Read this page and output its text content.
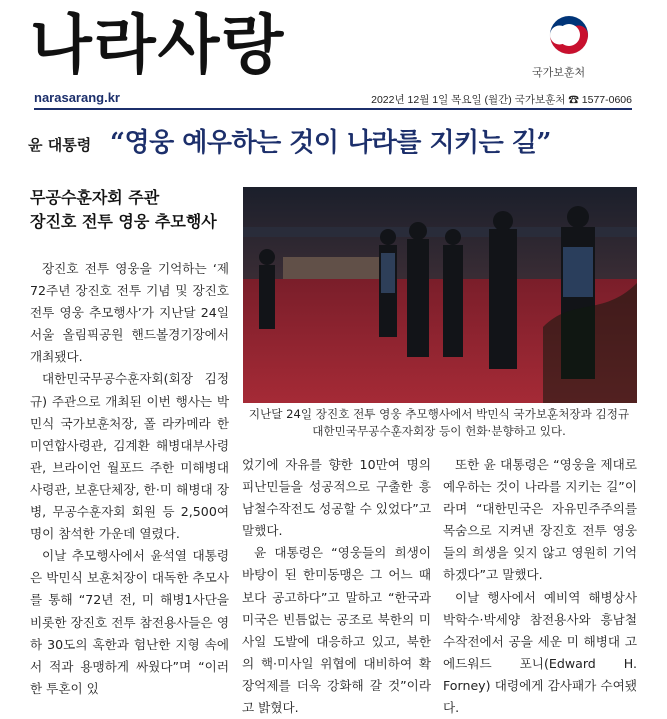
나라사랑	국가보훈처
narasarang.kr	2022년 12월 1일 목요일 (월간) 국가보훈처 ☎ 1577-0606
윤 대통령 “영웅 예우하는 것이 나라를 지키는 길”
무공수훈자회 주관
장진호 전투 영웅 추모행사

장진호 전투 영웅을 기억하는 ‘제72주년 장진호 전투 기념 및 장진호 전투 영웅 추모행사’가 지난달 24일 서울 올림픽공원 핸드볼경기장에서 개최됐다.

대한민국무공수훈자회(회장 김정규) 주관으로 개최된 이번 행사는 박민식 국가보훈처장, 폴 라카메라 한미연합사령관, 김계환 해병대부사령관, 브라이언 월포드 주한 미해병대사령관, 보훈단체장, 한·미 해병대 장병, 무공수훈자회 회원 등 2,500여 명이 참석한 가운데 열렸다.

이날 추모행사에서 윤석열 대통령은 박민식 보훈처장이 대독한 추모사를 통해 “72년 전, 미 해병1사단을 비롯한 장진호 전투 참전용사들은 영하 30도의 혹한과 험난한 지형 속에서 적과 용맹하게 싸웠다”며 “이러한 투혼이 있

지난달 24일 장진호 전투 영웅 추모행사에서 박민식 국가보훈처장과 김정규
대한민국무공수훈자회장 등이 헌화·분향하고 있다.

었기에 자유를 향한 10만여 명의 피난민들을 성공적으로 구출한 흥남철수작전도 성공할 수 있었다”고 말했다.

윤 대통령은 “영웅들의 희생이 바탕이 된 한미동맹은 그 어느 때보다 공고하다”고 말하고 “한국과 미국은 빈틈없는 공조로 북한의 미사일 도발에 대응하고 있고, 북한의 핵·미사일 위협에 대비하여 확장억제를 더욱 강화해 갈 것”이라고 밝혔다.

또한 윤 대통령은 “영웅을 제대로 예우하는 것이 나라를 지키는 길”이라며 “대한민국은 자유민주주의를 목숨으로 지켜낸 장진호 전투 영웅들의 희생을 잊지 않고 영원히 기억하겠다”고 말했다.

이날 행사에서 예비역 해병상사 박학수·박세양 참전용사와 흥남철수작전에서 공을 세운 미 해병대 고 에드워드 포니(Edward H. Forney) 대령에게 감사패가 수여됐다.
